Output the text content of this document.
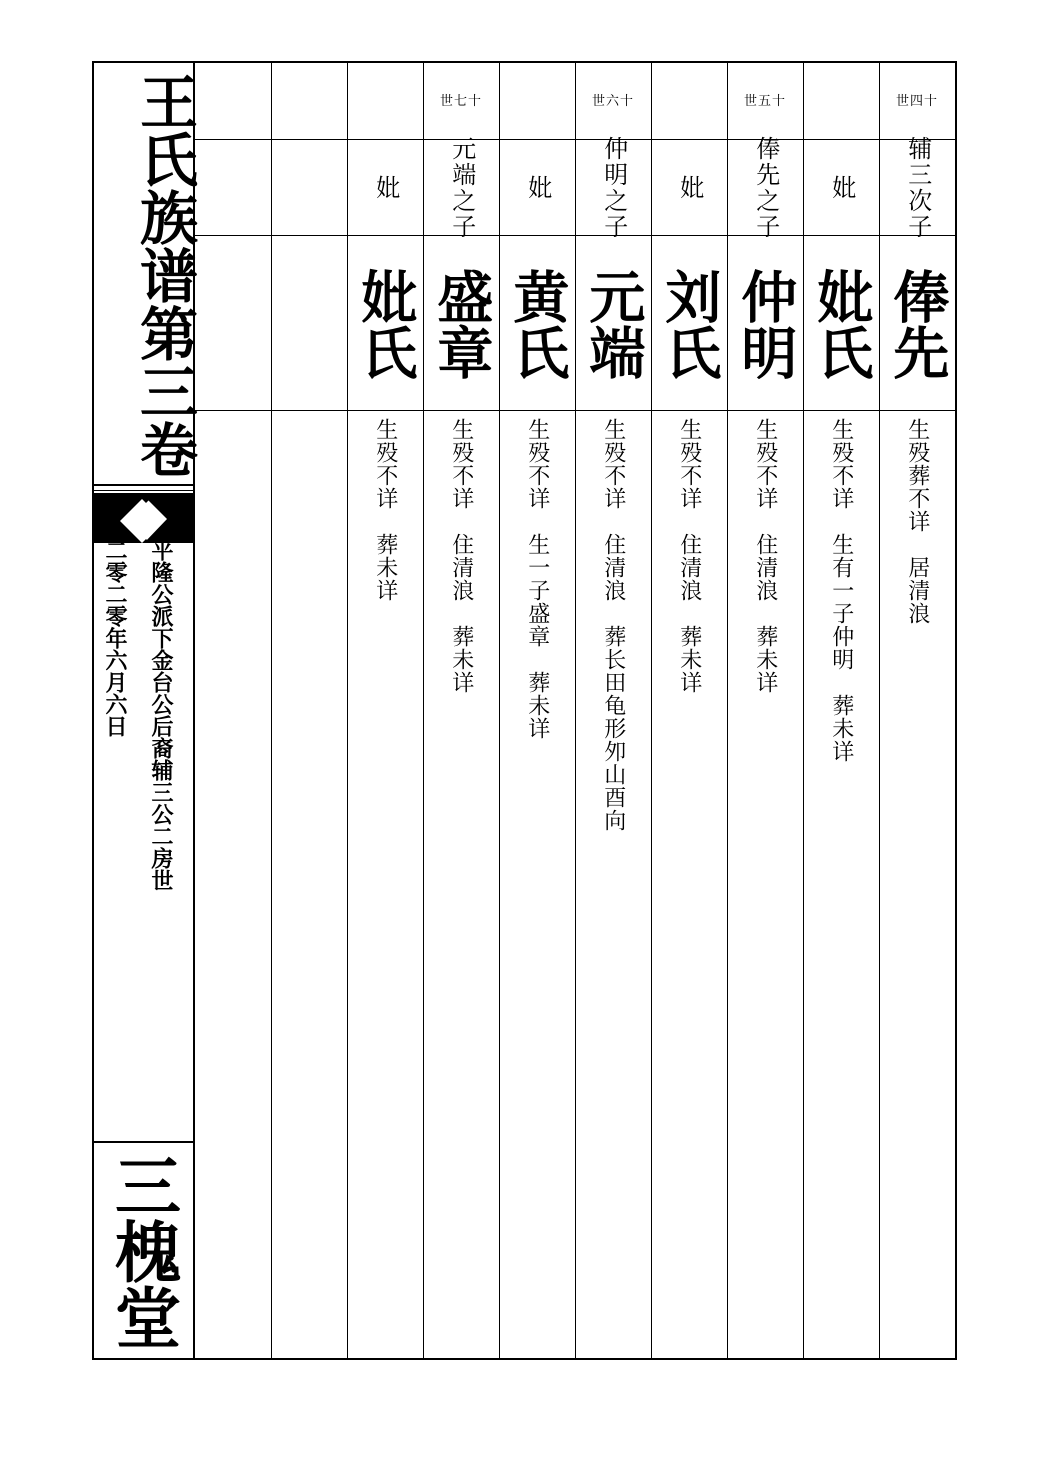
王氏族谱第三卷
平隆公派下金台公后裔辅三公二房世
二零二零年六月六日
三槐堂
世四十
辅三次子
俸先
生殁葬不详　居清浪
妣
妣氏
生殁不详　生有一子仲明　葬未详
世五十
俸先之子
仲明
生殁不详　住清浪　葬未详
妣
刘氏
生殁不详　住清浪　葬未详
世六十
仲明之子
元端
生殁不详　住清浪　葬长田龟形夘山酉向
妣
黄氏
生殁不详　生一子盛章　葬未详
世七十
元端之子
盛章
生殁不详　住清浪　葬未详
妣
妣氏
生殁不详　葬未详
